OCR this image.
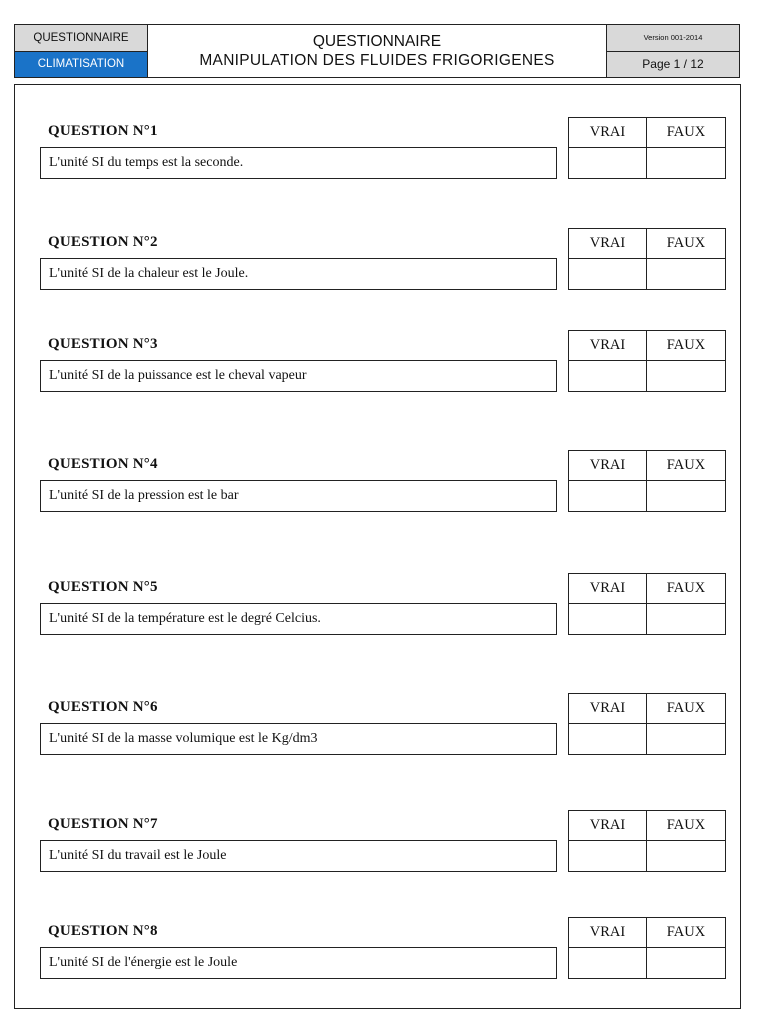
QUESTIONNAIRE
CLIMATISATION
QUESTIONNAIRE
MANIPULATION DES FLUIDES FRIGORIGENES
Version 001-2014
Page 1 / 12
QUESTION N°1
L'unité SI du temps est la seconde.
VRAI	FAUX
QUESTION N°2
L'unité SI de la chaleur est le Joule.
VRAI	FAUX
QUESTION N°3
L'unité SI de la puissance est le cheval vapeur
VRAI	FAUX
QUESTION N°4
L'unité SI de la pression est le bar
VRAI	FAUX
QUESTION N°5
L'unité SI de la température est le degré Celcius.
VRAI	FAUX
QUESTION N°6
L'unité SI de la masse volumique est le Kg/dm3
VRAI	FAUX
QUESTION N°7
L'unité SI du travail est le Joule
VRAI	FAUX
QUESTION N°8
L'unité SI de l'énergie est le Joule
VRAI	FAUX
